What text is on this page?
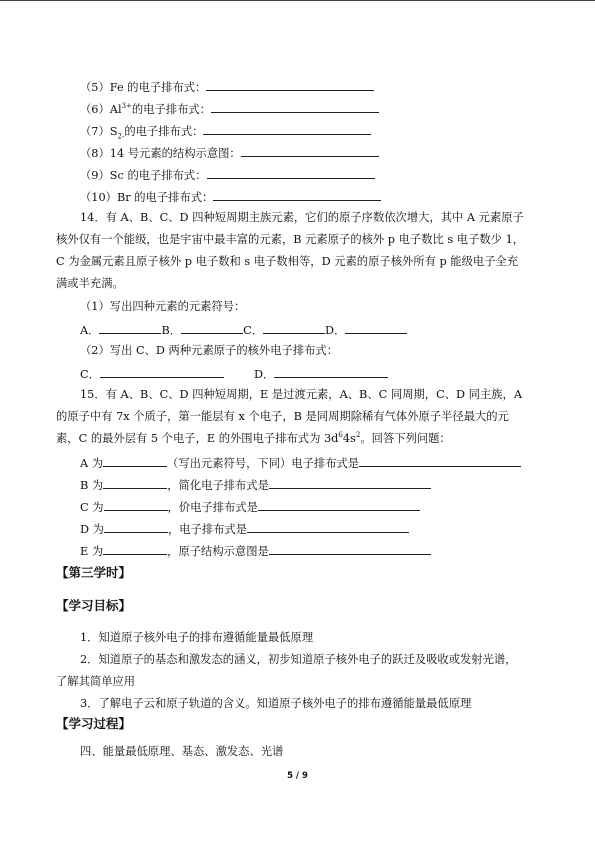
（5）Fe 的电子排布式：
$(6)Al^{3+}$的电子排布式：
$(7)S_{2-}$的电子排布式：
（8）14 号元素的结构示意图：
（9）Sc 的电子排布式：
（10）Br 的电子排布式：
14．有 A、B、C、D 四种短周期主族元素，它们的原子序数依次增大，其中 A 元素原子
核外仅有一个能级，也是宇宙中最丰富的元素，B 元素原子的核外 p 电子数比 s 电子数少 1，
C 为金属元素且原子核外 p 电子数和 s 电子数相等，D 元素的原子核外所有 p 能级电子全充
满或半充满。
（1）写出四种元素的元素符号：
A．	B．	C．	D．
（2）写出 C、D 两种元素原子的核外电子排布式：
C．	D．
15．有 A、B、C、D 四种短周期，E 是过渡元素，A、B、C 同周期，C、D 同主族，A
的原子中有 7x 个质子，第一能层有 x 个电子，B 是同周期除稀有气体外原子半径最大的元
素，C 的最外层有 5 个电子，E 的外围电子排布式为 $3d^64s^2$。回答下列问题：
A 为	（写出元素符号，下同）电子排布式是
B 为	，简化电子排布式是
C 为	，价电子排布式是
D 为	，电子排布式是
E 为	，原子结构示意图是
【第三学时】
【学习目标】
1．知道原子核外电子的排布遵循能量最低原理
2．知道原子的基态和激发态的涵义，初步知道原子核外电子的跃迁及吸收或发射光谱，
了解其简单应用
3．了解电子云和原子轨道的含义。知道原子核外电子的排布遵循能量最低原理
【学习过程】
四、能量最低原理、基态、激发态、光谱
5 / 9
